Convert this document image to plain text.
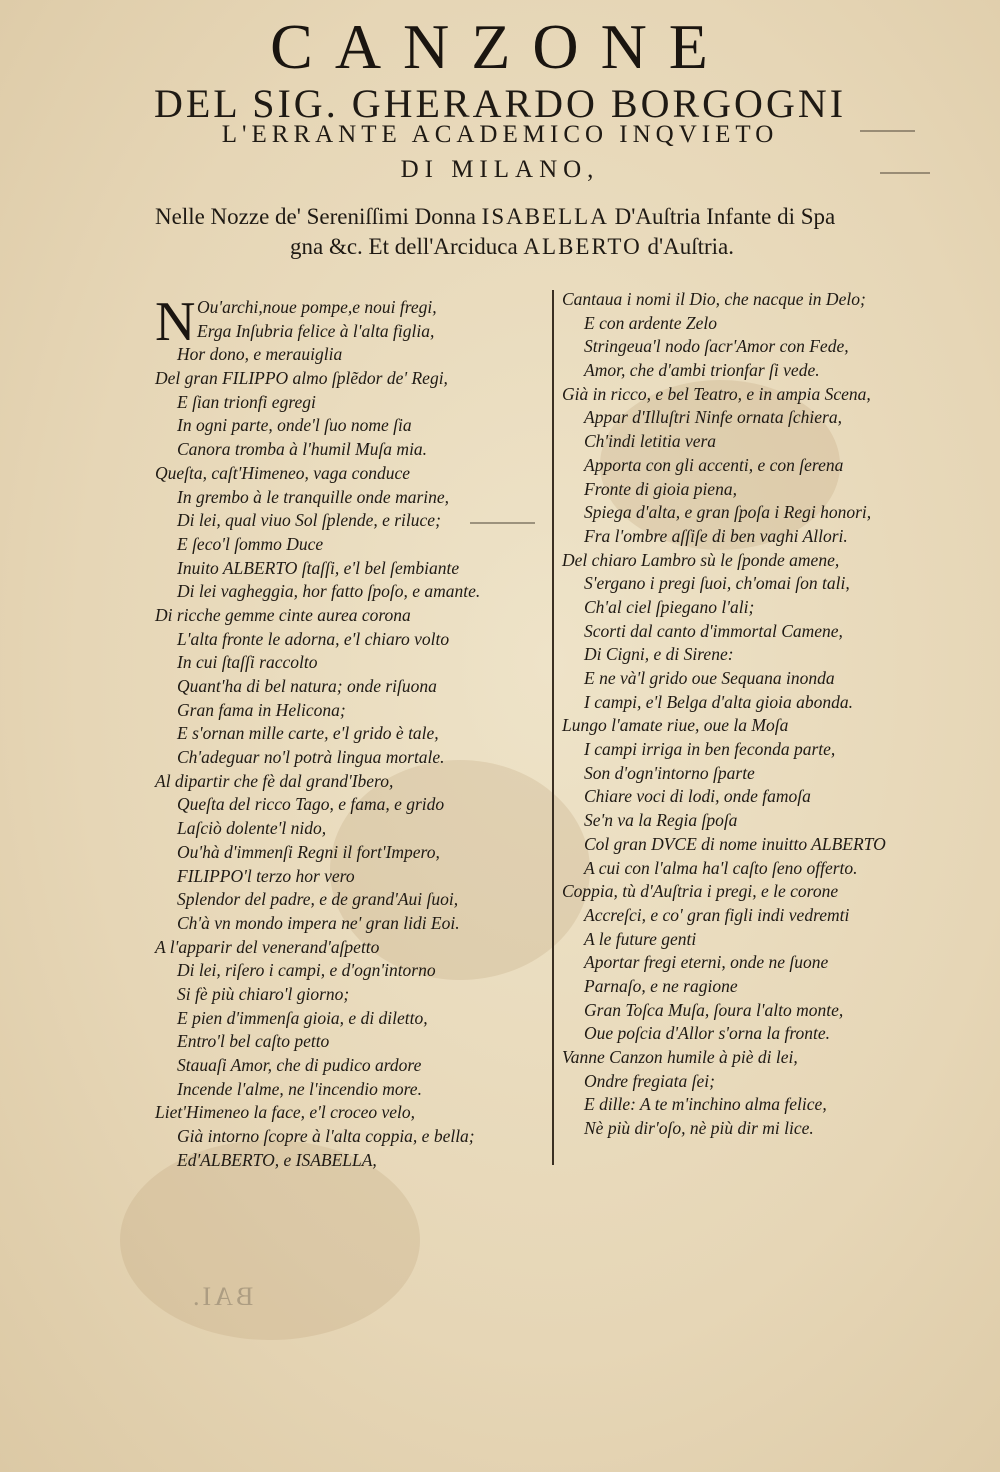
CANZONE
DEL SIG. GHERARDO BORGOGNI
L'ERRANTE ACADEMICO INQVIETO
DI MILANO,
Nelle Nozze de' Sereniſſimi Donna ISABELLA D'Auſtria Infante di Spa
gna &c. Et dell'Arciduca ALBERTO d'Auſtria.
N Ou'archi,noue pompe,e noui fregi,
Erga Inſubria felice à l'alta figlia,
Hor dono, e merauiglia
Del gran FILIPPO almo ſplẽdor de' Regi,
E ſian trionfi egregi
In ogni parte, onde'l ſuo nome ſia
Canora tromba à l'humil Muſa mia.
Queſta, caſt'Himeneo, vaga conduce
In grembo à le tranquille onde marine,
Di lei, qual viuo Sol ſplende, e riluce;
E ſeco'l ſommo Duce
Inuito ALBERTO ſtaſſi, e'l bel ſembiante
Di lei vagheggia, hor fatto ſpoſo, e amante.
Di ricche gemme cinte aurea corona
L'alta fronte le adorna, e'l chiaro volto
In cui ſtaſſi raccolto
Quant'ha di bel natura; onde riſuona
Gran fama in Helicona;
E s'ornan mille carte, e'l grido è tale,
Ch'adeguar no'l potrà lingua mortale.
Al dipartir che fè dal grand'Ibero,
Queſta del ricco Tago, e fama, e grido
Laſciò dolente'l nido,
Ou'hà d'immenſi Regni il fort'Impero,
FILIPPO'l terzo hor vero
Splendor del padre, e de grand'Aui ſuoi,
Ch'à vn mondo impera ne' gran lidi Eoi.
A l'apparir del venerand'aſpetto
Di lei, riſero i campi, e d'ogn'intorno
Si fè più chiaro'l giorno;
E pien d'immenſa gioia, e di diletto,
Entro'l bel caſto petto
Stauaſi Amor, che di pudico ardore
Incende l'alme, ne l'incendio more.
Liet'Himeneo la face, e'l croceo velo,
Già intorno ſcopre à l'alta coppia, e bella;
Ed'ALBERTO, e ISABELLA,
Cantaua i nomi il Dio, che nacque in Delo;
E con ardente Zelo
Stringeua'l nodo ſacr'Amor con Fede,
Amor, che d'ambi trionfar ſi vede.
Già in ricco, e bel Teatro, e in ampia Scena,
Appar d'Illuſtri Ninfe ornata ſchiera,
Ch'indi letitia vera
Apporta con gli accenti, e con ſerena
Fronte di gioia piena,
Spiega d'alta, e gran ſpoſa i Regi honori,
Fra l'ombre aſſiſe di ben vaghi Allori.
Del chiaro Lambro sù le ſponde amene,
S'ergano i pregi ſuoi, ch'omai ſon tali,
Ch'al ciel ſpiegano l'ali;
Scorti dal canto d'immortal Camene,
Di Cigni, e di Sirene:
E ne và'l grido oue Sequana inonda
I campi, e'l Belga d'alta gioia abonda.
Lungo l'amate riue, oue la Moſa
I campi irriga in ben feconda parte,
Son d'ogn'intorno ſparte
Chiare voci di lodi, onde famoſa
Se'n va la Regia ſpoſa
Col gran DVCE di nome inuitto ALBERTO
A cui con l'alma ha'l caſto ſeno offerto.
Coppia, tù d'Auſtria i pregi, e le corone
Accreſci, e co' gran figli indi vedremti
A le future genti
Aportar fregi eterni, onde ne ſuone
Parnaſo, e ne ragione
Gran Toſca Muſa, ſoura l'alto monte,
Oue poſcia d'Allor s'orna la fronte.
Vanne Canzon humile à piè di lei,
Ondre fregiata ſei;
E dille: A te m'inchino alma felice,
Nè più dir'oſo, nè più dir mi lice.
BAI.
